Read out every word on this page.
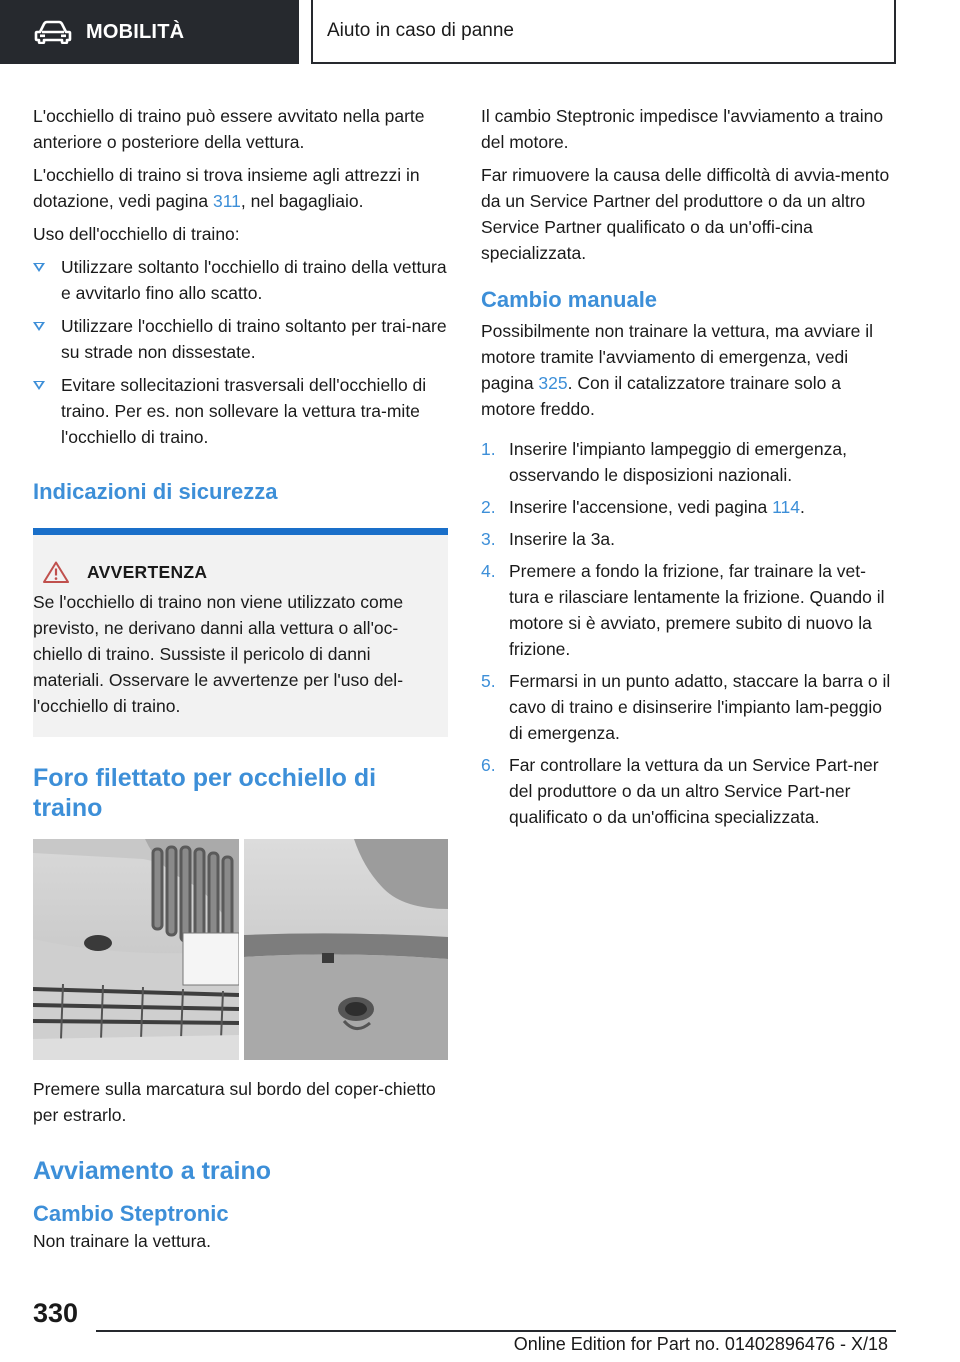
MOBILITÀ	Aiuto in caso di panne
L'occhiello di traino può essere avvitato nella parte anteriore o posteriore della vettura.
L'occhiello di traino si trova insieme agli attrezzi in dotazione, vedi pagina 311, nel bagagliaio.
Uso dell'occhiello di traino:
Utilizzare soltanto l'occhiello di traino della vettura e avvitarlo fino allo scatto.
Utilizzare l'occhiello di traino soltanto per trai-nare su strade non dissestate.
Evitare sollecitazioni trasversali dell'occhiello di traino. Per es. non sollevare la vettura tra-mite l'occhiello di traino.
Indicazioni di sicurezza
AVVERTENZA
Se l'occhiello di traino non viene utilizzato come previsto, ne derivano danni alla vettura o all'oc-chiello di traino. Sussiste il pericolo di danni materiali. Osservare le avvertenze per l'uso del-l'occhiello di traino.
Foro filettato per occhiello di traino
Premere sulla marcatura sul bordo del coper-chietto per estrarlo.
Avviamento a traino
Cambio Steptronic
Non trainare la vettura.
Il cambio Steptronic impedisce l'avviamento a traino del motore.
Far rimuovere la causa delle difficoltà di avvia-mento da un Service Partner del produttore o da un altro Service Partner qualificato o da un'offi-cina specializzata.
Cambio manuale
Possibilmente non trainare la vettura, ma avviare il motore tramite l'avviamento di emergenza, vedi pagina 325. Con il catalizzatore trainare solo a motore freddo.
1. Inserire l'impianto lampeggio di emergenza, osservando le disposizioni nazionali.
2. Inserire l'accensione, vedi pagina 114.
3. Inserire la 3a.
4. Premere a fondo la frizione, far trainare la vet-tura e rilasciare lentamente la frizione. Quando il motore si è avviato, premere subito di nuovo la frizione.
5. Fermarsi in un punto adatto, staccare la barra o il cavo di traino e disinserire l'impianto lam-peggio di emergenza.
6. Far controllare la vettura da un Service Part-ner del produttore o da un altro Service Part-ner qualificato o da un'officina specializzata.
330
Online Edition for Part no. 01402896476 - X/18
